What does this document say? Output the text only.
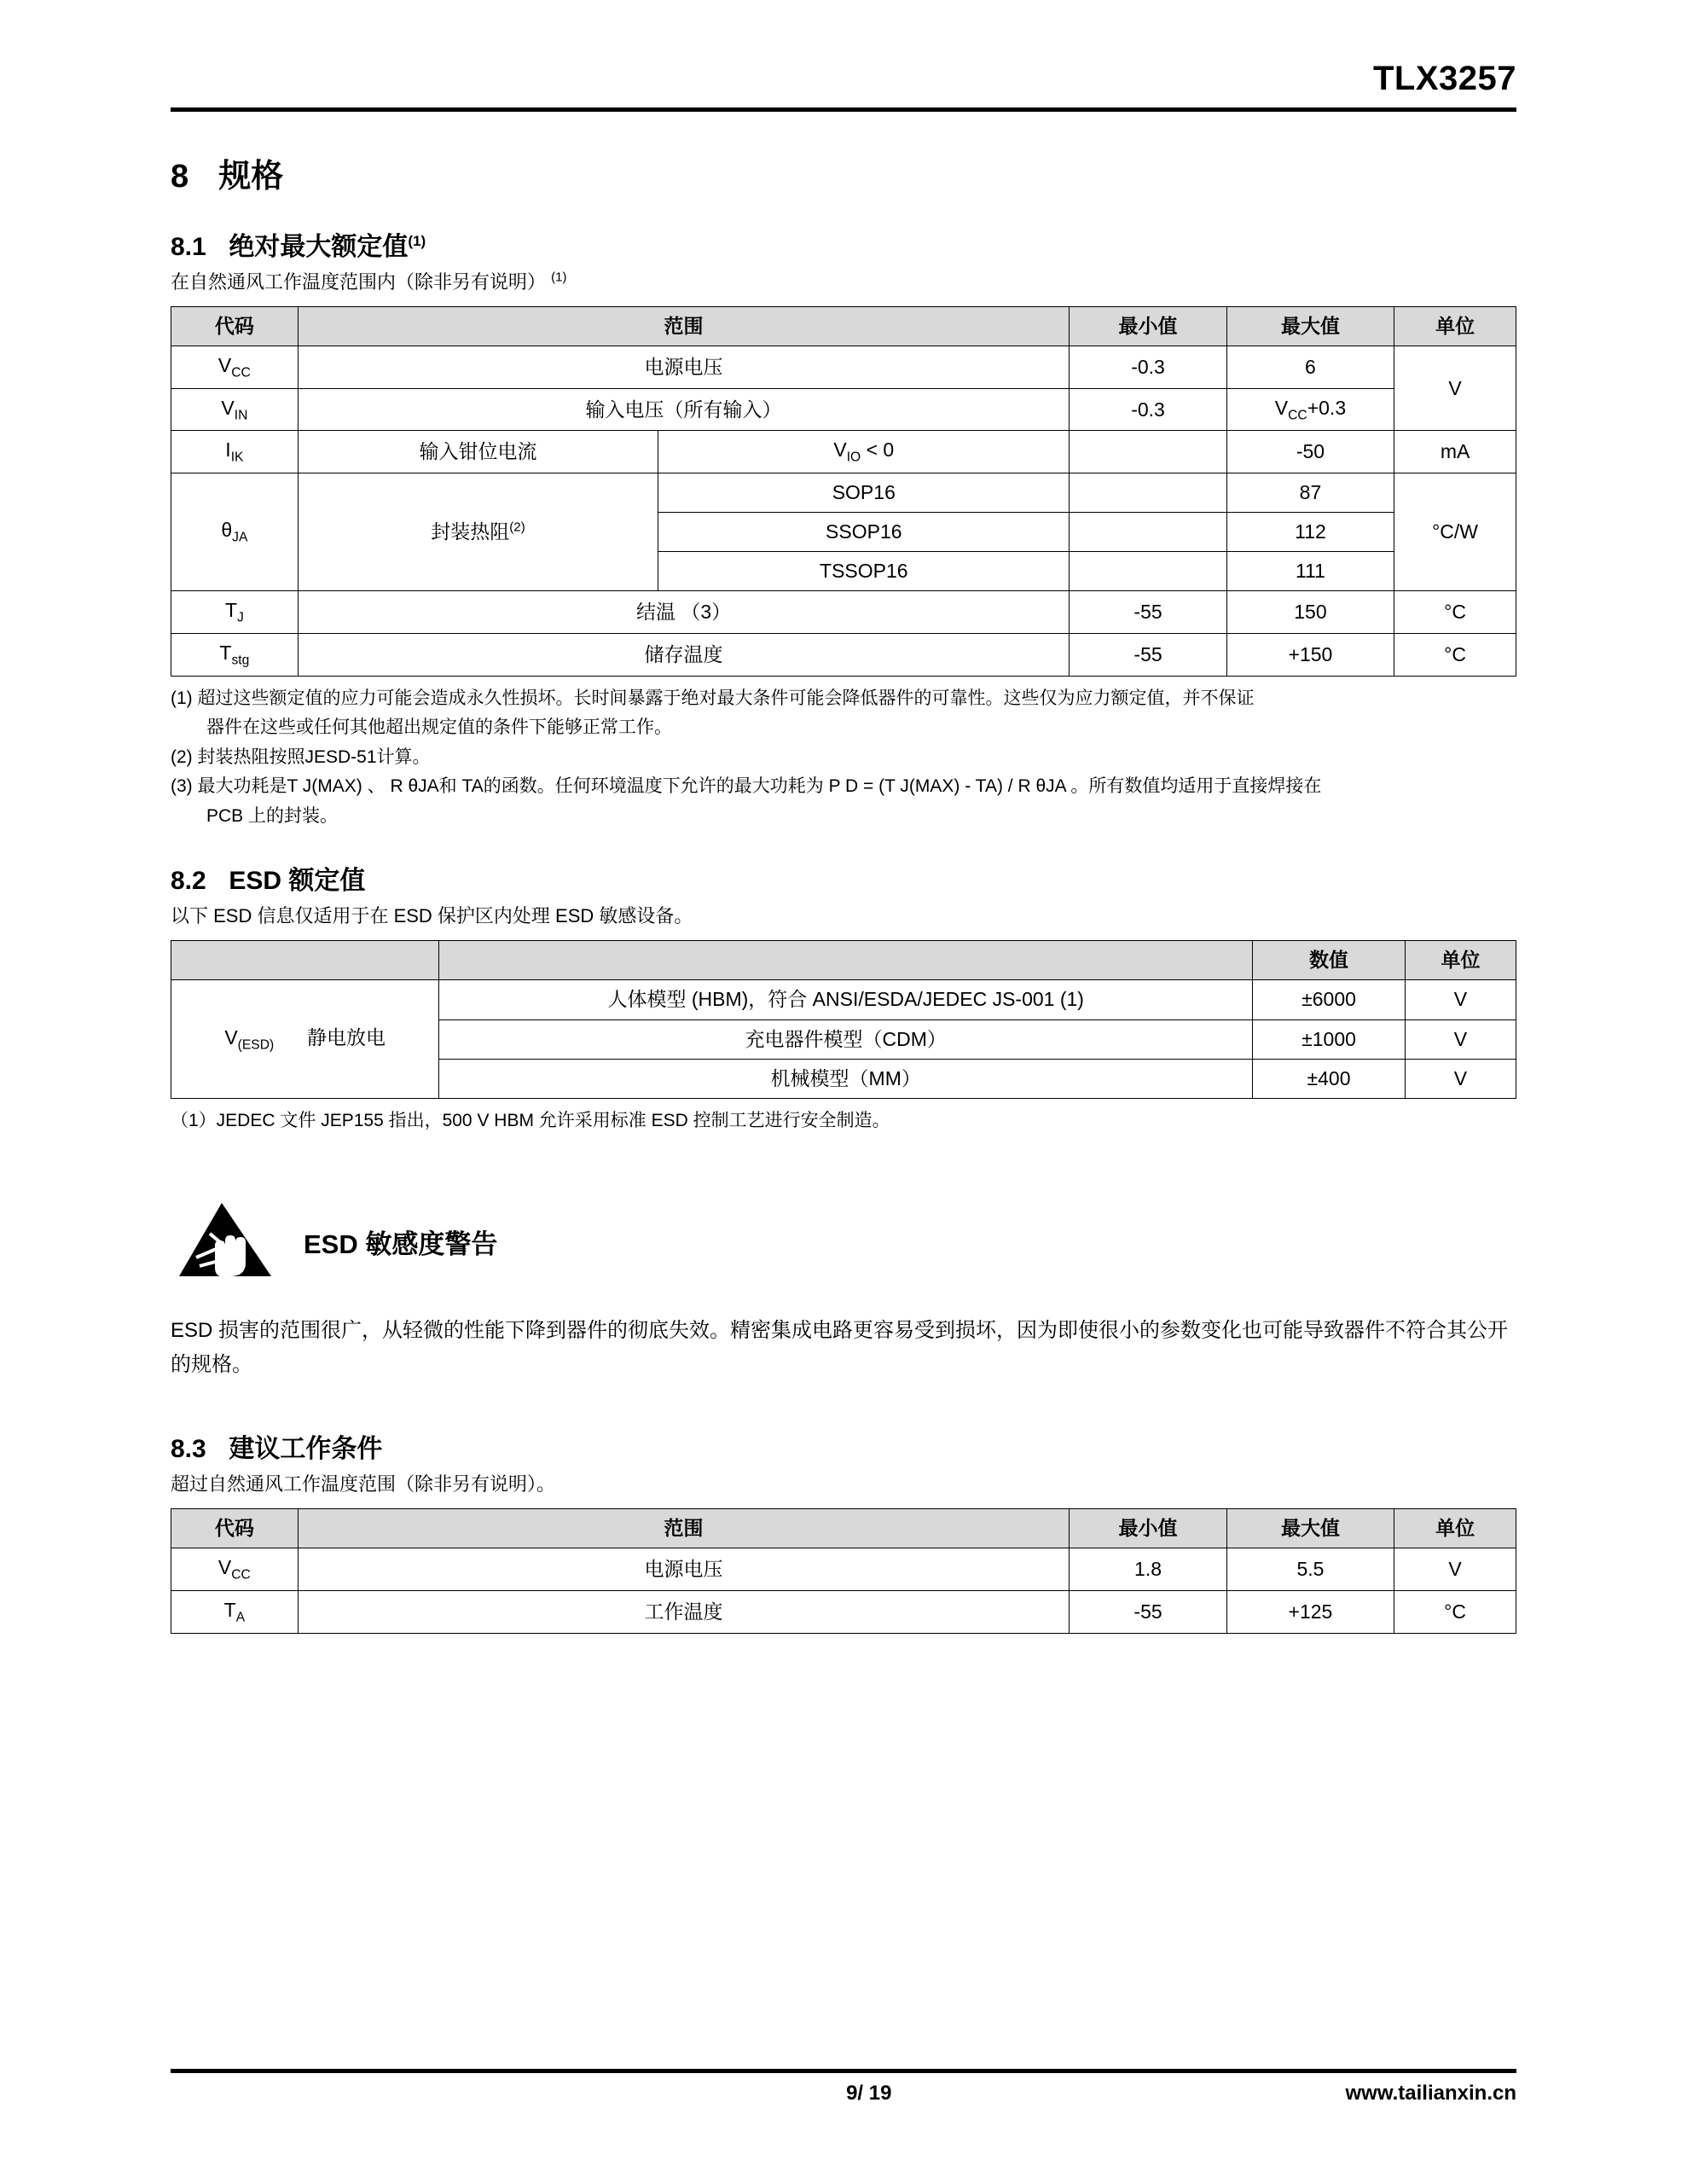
TLX3257
8 规格
8.1 绝对最大额定值$^{(1)}$
在自然通风工作温度范围内（除非另有说明） $^{(1)}$
代码	范围		最小值	最大值	单位
$V_{CC}$	电源电压		-0.3	6	V
$V_{IN}$	输入电压（所有输入）		-0.3	$V_{CC}+0.3$	
$I_{IK}$	输入钳位电流	$V_{IO} < 0$		-50	mA
$\theta_{JA}$	封装热阻$^{(2)}$	SOP16		87	°C/W
		SSOP16		112	
		TSSOP16		111	
$T_J$	结温 （3）		-55	150	°C
$T_{stg}$	储存温度		-55	+150	°C
(1) 超过这些额定值的应力可能会造成永久性损坏。长时间暴露于绝对最大条件可能会降低器件的可靠性。这些仅为应力额定值，并不保证
器件在这些或任何其他超出规定值的条件下能够正常工作。
(2) 封装热阻按照JESD-51计算。
(3) 最大功耗是T J(MAX) 、 R θJA和 TA的函数。任何环境温度下允许的最大功耗为 P D = (T J(MAX) - TA) / R θJA 。所有数值均适用于直接焊接在
PCB 上的封装。
8.2 ESD 额定值
以下 ESD 信息仅适用于在 ESD 保护区内处理 ESD 敏感设备。
		数值	单位
$V_{(ESD)}$ 静电放电	人体模型 (HBM)，符合 ANSI/ESDA/JEDEC JS-001 (1)	±6000	V
	充电器件模型（CDM）	±1000	V
	机械模型（MM）	±400	V
（1）JEDEC 文件 JEP155 指出，500 V HBM 允许采用标准 ESD 控制工艺进行安全制造。
ESD 敏感度警告
ESD 损害的范围很广，从轻微的性能下降到器件的彻底失效。精密集成电路更容易受到损坏，因为即使很小的参数变化也可能导致器件不符合其公开的规格。
8.3 建议工作条件
超过自然通风工作温度范围（除非另有说明）。
代码	范围	最小值	最大值	单位
$V_{CC}$	电源电压	1.8	5.5	V
$T_A$	工作温度	-55	+125	°C
9/ 19	www.tailianxin.cn
